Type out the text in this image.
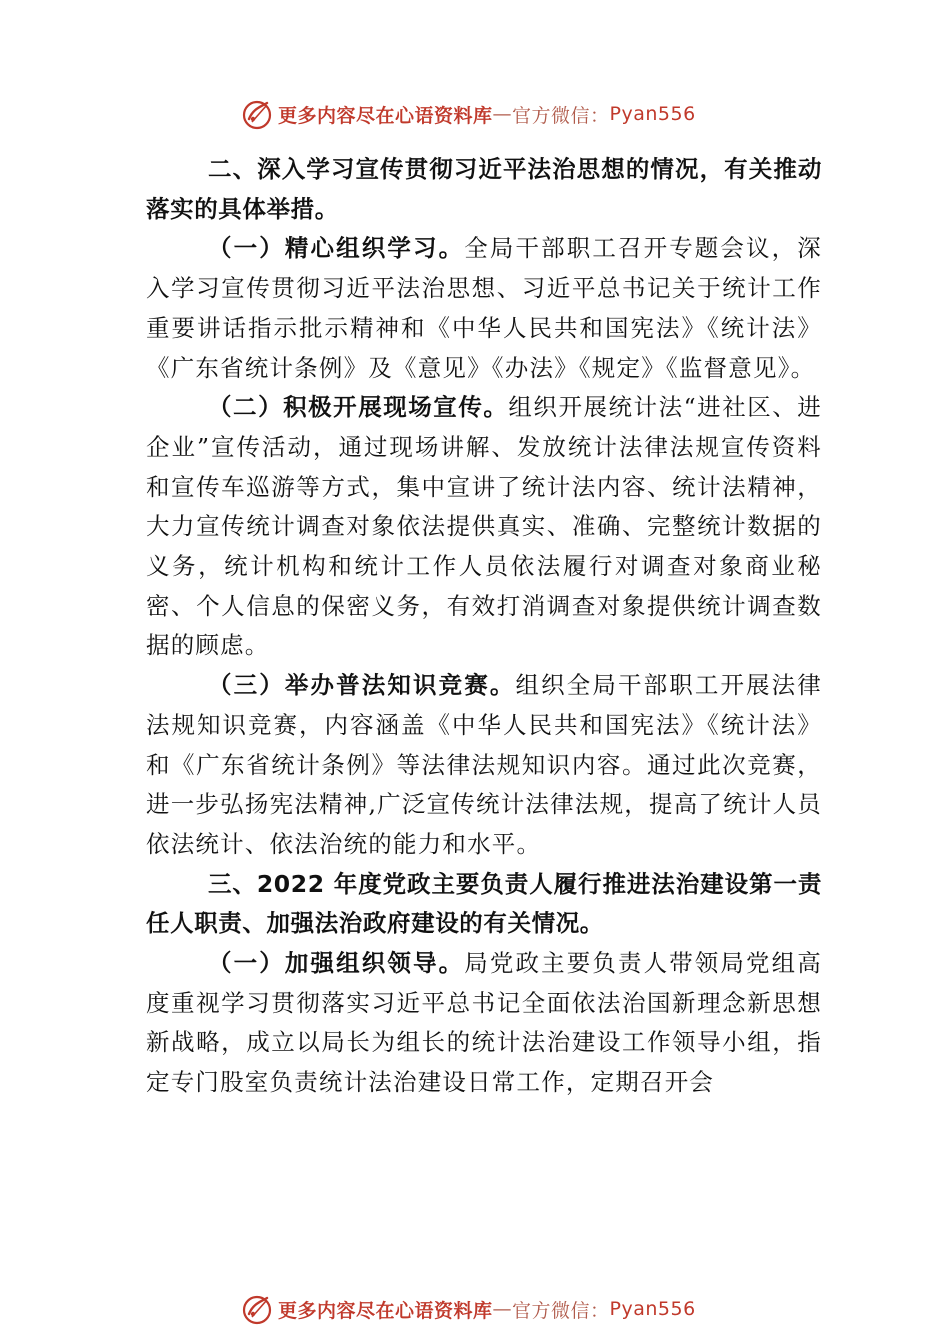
更多内容尽在心语资料库 — 官方微信： Pyan556

二、深入学习宣传贯彻习近平法治思想的情况，有关推动落实的具体举措。

（一）精心组织学习。全局干部职工召开专题会议，深入学习宣传贯彻习近平法治思想、习近平总书记关于统计工作重要讲话指示批示精神和《中华人民共和国宪法》《统计法》《广东省统计条例》及《意见》《办法》《规定》《监督意见》。

（二）积极开展现场宣传。组织开展统计法“进社区、进企业”宣传活动，通过现场讲解、发放统计法律法规宣传资料和宣传车巡游等方式，集中宣讲了统计法内容、统计法精神，大力宣传统计调查对象依法提供真实、准确、完整统计数据的义务，统计机构和统计工作人员依法履行对调查对象商业秘密、个人信息的保密义务，有效打消调查对象提供统计调查数据的顾虑。

（三）举办普法知识竞赛。组织全局干部职工开展法律法规知识竞赛，内容涵盖《中华人民共和国宪法》《统计法》和《广东省统计条例》等法律法规知识内容。通过此次竞赛，进一步弘扬宪法精神,广泛宣传统计法律法规，提高了统计人员依法统计、依法治统的能力和水平。

三、2022 年度党政主要负责人履行推进法治建设第一责任人职责、加强法治政府建设的有关情况。

（一）加强组织领导。局党政主要负责人带领局党组高度重视学习贯彻落实习近平总书记全面依法治国新理念新思想新战略，成立以局长为组长的统计法治建设工作领导小组，指定专门股室负责统计法治建设日常工作，定期召开会

更多内容尽在心语资料库 — 官方微信： Pyan556
